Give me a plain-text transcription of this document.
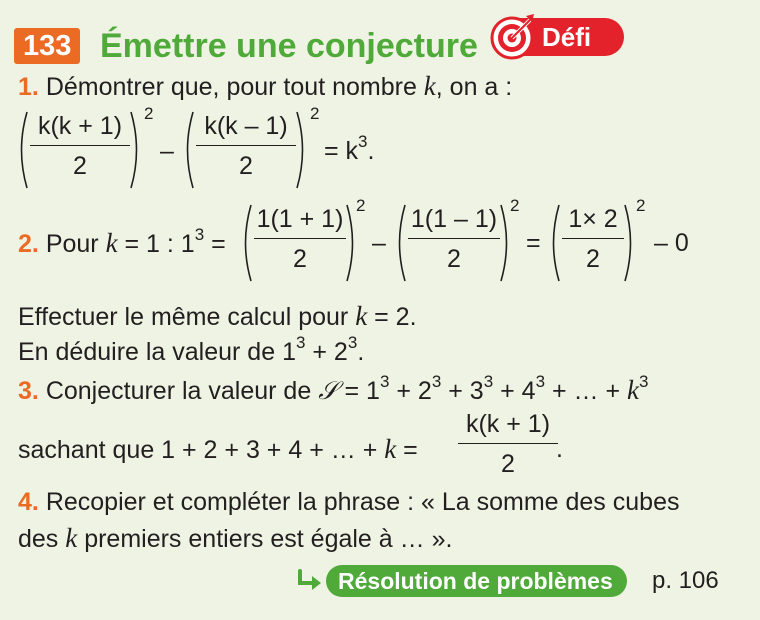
133 Émettre une conjecture Défi
1. Démontrer que, pour tout nombre k, on a :
$\frac{k(k + 1)}{2} 2$
– $\frac{k(k - 1)}{2} 2$
= $k^3$.
2. Pour k = 1 : $1^3 = \frac{1(1 + 1)}{2} 2$
– $\frac{1(1 - 1)}{2} 2$
= $\frac{1\times 2}{2} 2$
– 0
Effectuer le même calcul pour k = 2.
En déduire la valeur de $1^3 + 2^3$.
3. Conjecturer la valeur de 𝒮 = $1^3 + 2^3 + 3^3 + 4^3$ + … + $k^3$
sachant que 1 + 2 + 3 + 4 + … + $k = \frac{k(k + 1)}{2}$
.
4. Recopier et compléter la phrase : « La somme des cubes
des k premiers entiers est égale à … ».
Résolution de problèmes	p. 106
